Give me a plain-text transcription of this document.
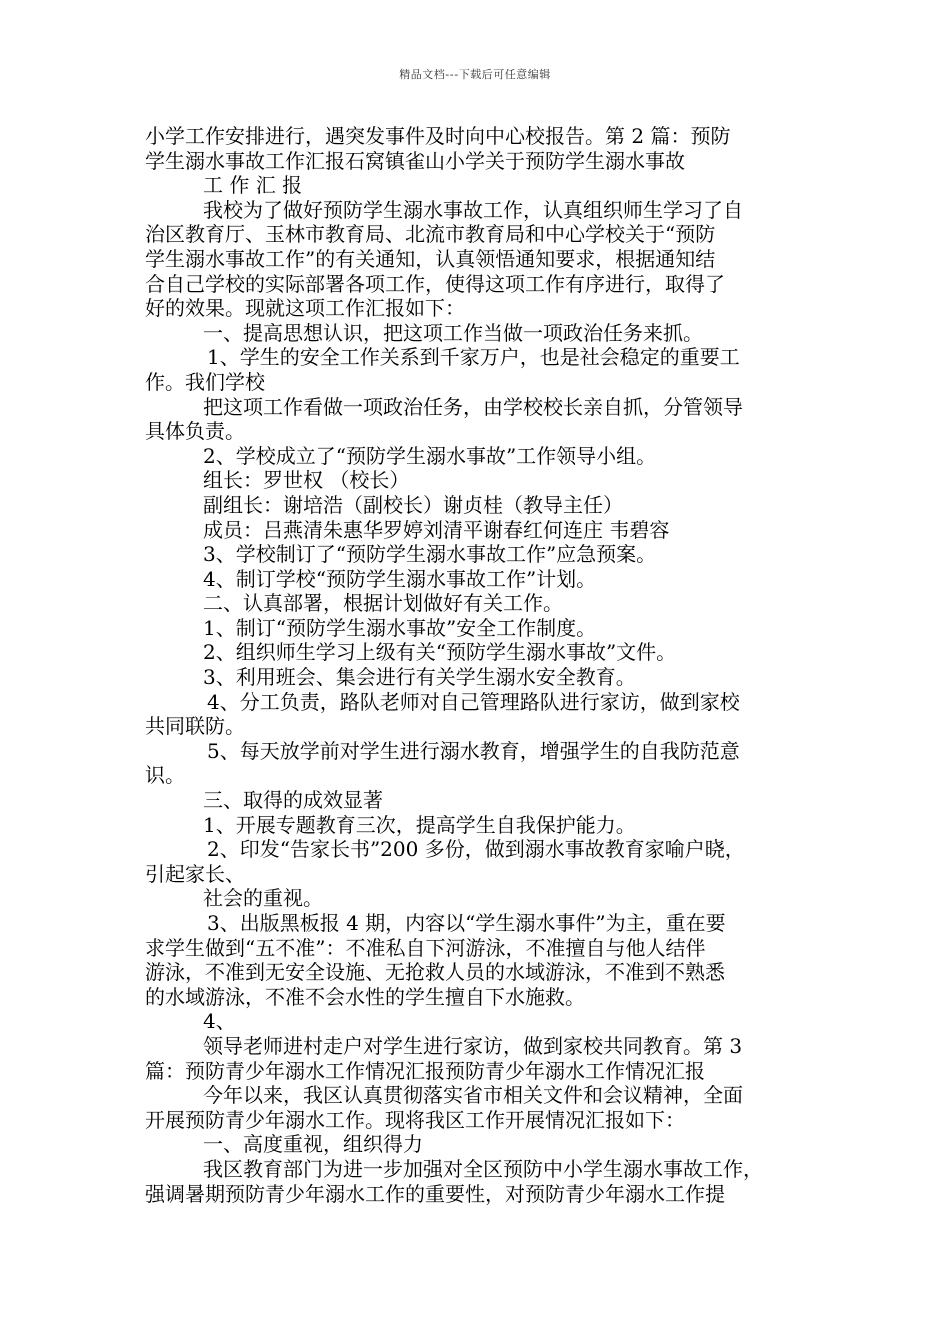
精品文档---下载后可任意编辑
小学工作安排进行，遇突发事件及时向中心校报告。第 2 篇：预防
学生溺水事故工作汇报石窝镇雀山小学关于预防学生溺水事故
工 作 汇 报
我校为了做好预防学生溺水事故工作，认真组织师生学习了自
治区教育厅、玉林市教育局、北流市教育局和中心学校关于“预防
学生溺水事故工作”的有关通知，认真领悟通知要求，根据通知结
合自己学校的实际部署各项工作，使得这项工作有序进行，取得了
好的效果。现就这项工作汇报如下：
一、提高思想认识，把这项工作当做一项政治任务来抓。
1、学生的安全工作关系到千家万户，也是社会稳定的重要工
作。我们学校
把这项工作看做一项政治任务，由学校校长亲自抓，分管领导
具体负责。
2、学校成立了“预防学生溺水事故”工作领导小组。
组长：罗世权 （校长）
副组长：谢培浩（副校长）谢贞桂（教导主任）
成员：吕燕清朱惠华罗婷刘清平谢春红何连庄 韦碧容
3、学校制订了“预防学生溺水事故工作”应急预案。
4、制订学校“预防学生溺水事故工作”计划。
二、认真部署，根据计划做好有关工作。
1、制订“预防学生溺水事故”安全工作制度。
2、组织师生学习上级有关“预防学生溺水事故”文件。
3、利用班会、集会进行有关学生溺水安全教育。
4、分工负责，路队老师对自己管理路队进行家访，做到家校
共同联防。
5、每天放学前对学生进行溺水教育，增强学生的自我防范意
识。
三、取得的成效显著
1、开展专题教育三次，提高学生自我保护能力。
2、印发“告家长书”200 多份，做到溺水事故教育家喻户晓，
引起家长、
社会的重视。
3、出版黑板报 4 期，内容以“学生溺水事件”为主，重在要
求学生做到“五不准”：不准私自下河游泳，不准擅自与他人结伴
游泳，不准到无安全设施、无抢救人员的水域游泳，不准到不熟悉
的水域游泳，不准不会水性的学生擅自下水施救。
4、
领导老师进村走户对学生进行家访，做到家校共同教育。第 3
篇：预防青少年溺水工作情况汇报预防青少年溺水工作情况汇报
今年以来，我区认真贯彻落实省市相关文件和会议精神，全面
开展预防青少年溺水工作。现将我区工作开展情况汇报如下：
一、高度重视，组织得力
我区教育部门为进一步加强对全区预防中小学生溺水事故工作，
强调暑期预防青少年溺水工作的重要性，对预防青少年溺水工作提
